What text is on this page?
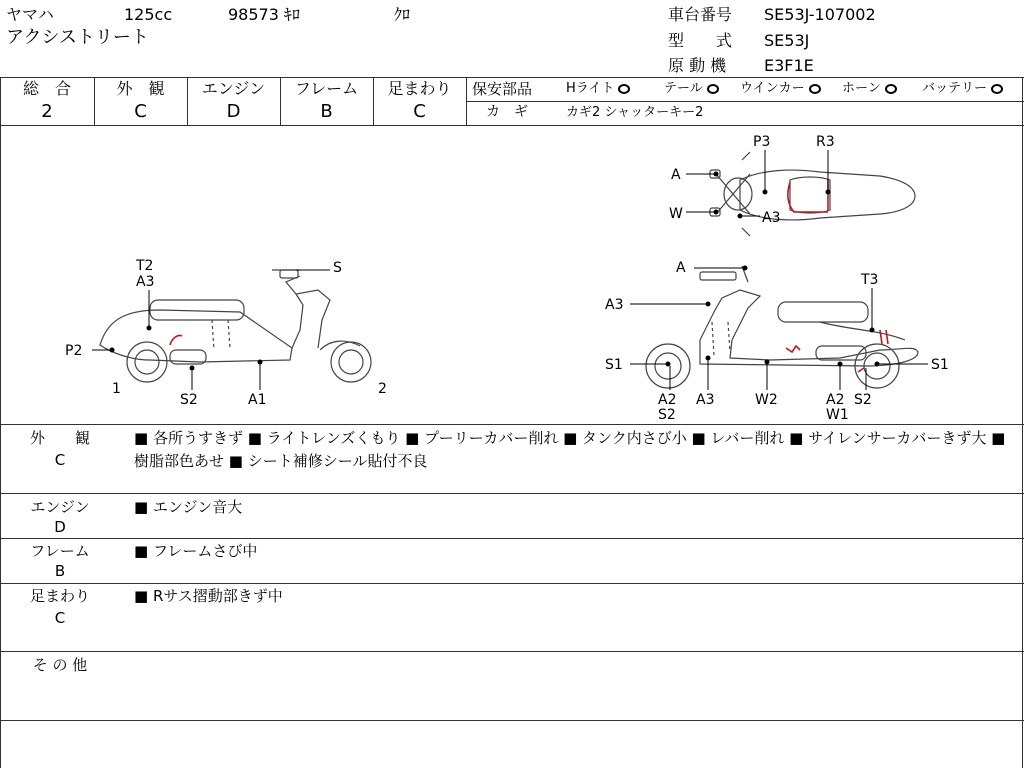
ヤマハ	125cc	98573 ｷﾛ	ｸﾛ
アクシストリート
車台番号 SE53J-107002
型　　式 SE53J
原 動 機 E3F1E
総　合
2
外　観
C
エンジン
D
フレーム
B
足まわり
C
保安部品	Hライト	テール	ウインカー	ホーン	バッテリー
カ　ギ	カギ2 シャッターキー2
T2
A3
S
P2
1
S2	A1
2
P3	R3
A
W	A3
A
T3
A3
S1	S1
A2
S2
A3	W2	A2
W1
S2
外　　観
C
■ 各所うすきず ■ ライトレンズくもり ■ プーリーカバー削れ ■ タンク内さび小 ■ レバー削れ ■ サイレンサーカバーきず大 ■ 樹脂部色あせ ■ シート補修シール貼付不良
エンジン
D
■ エンジン音大
フレーム
B
■ フレームさび中
足まわり
C
■ Rサス摺動部きず中
そ の 他
